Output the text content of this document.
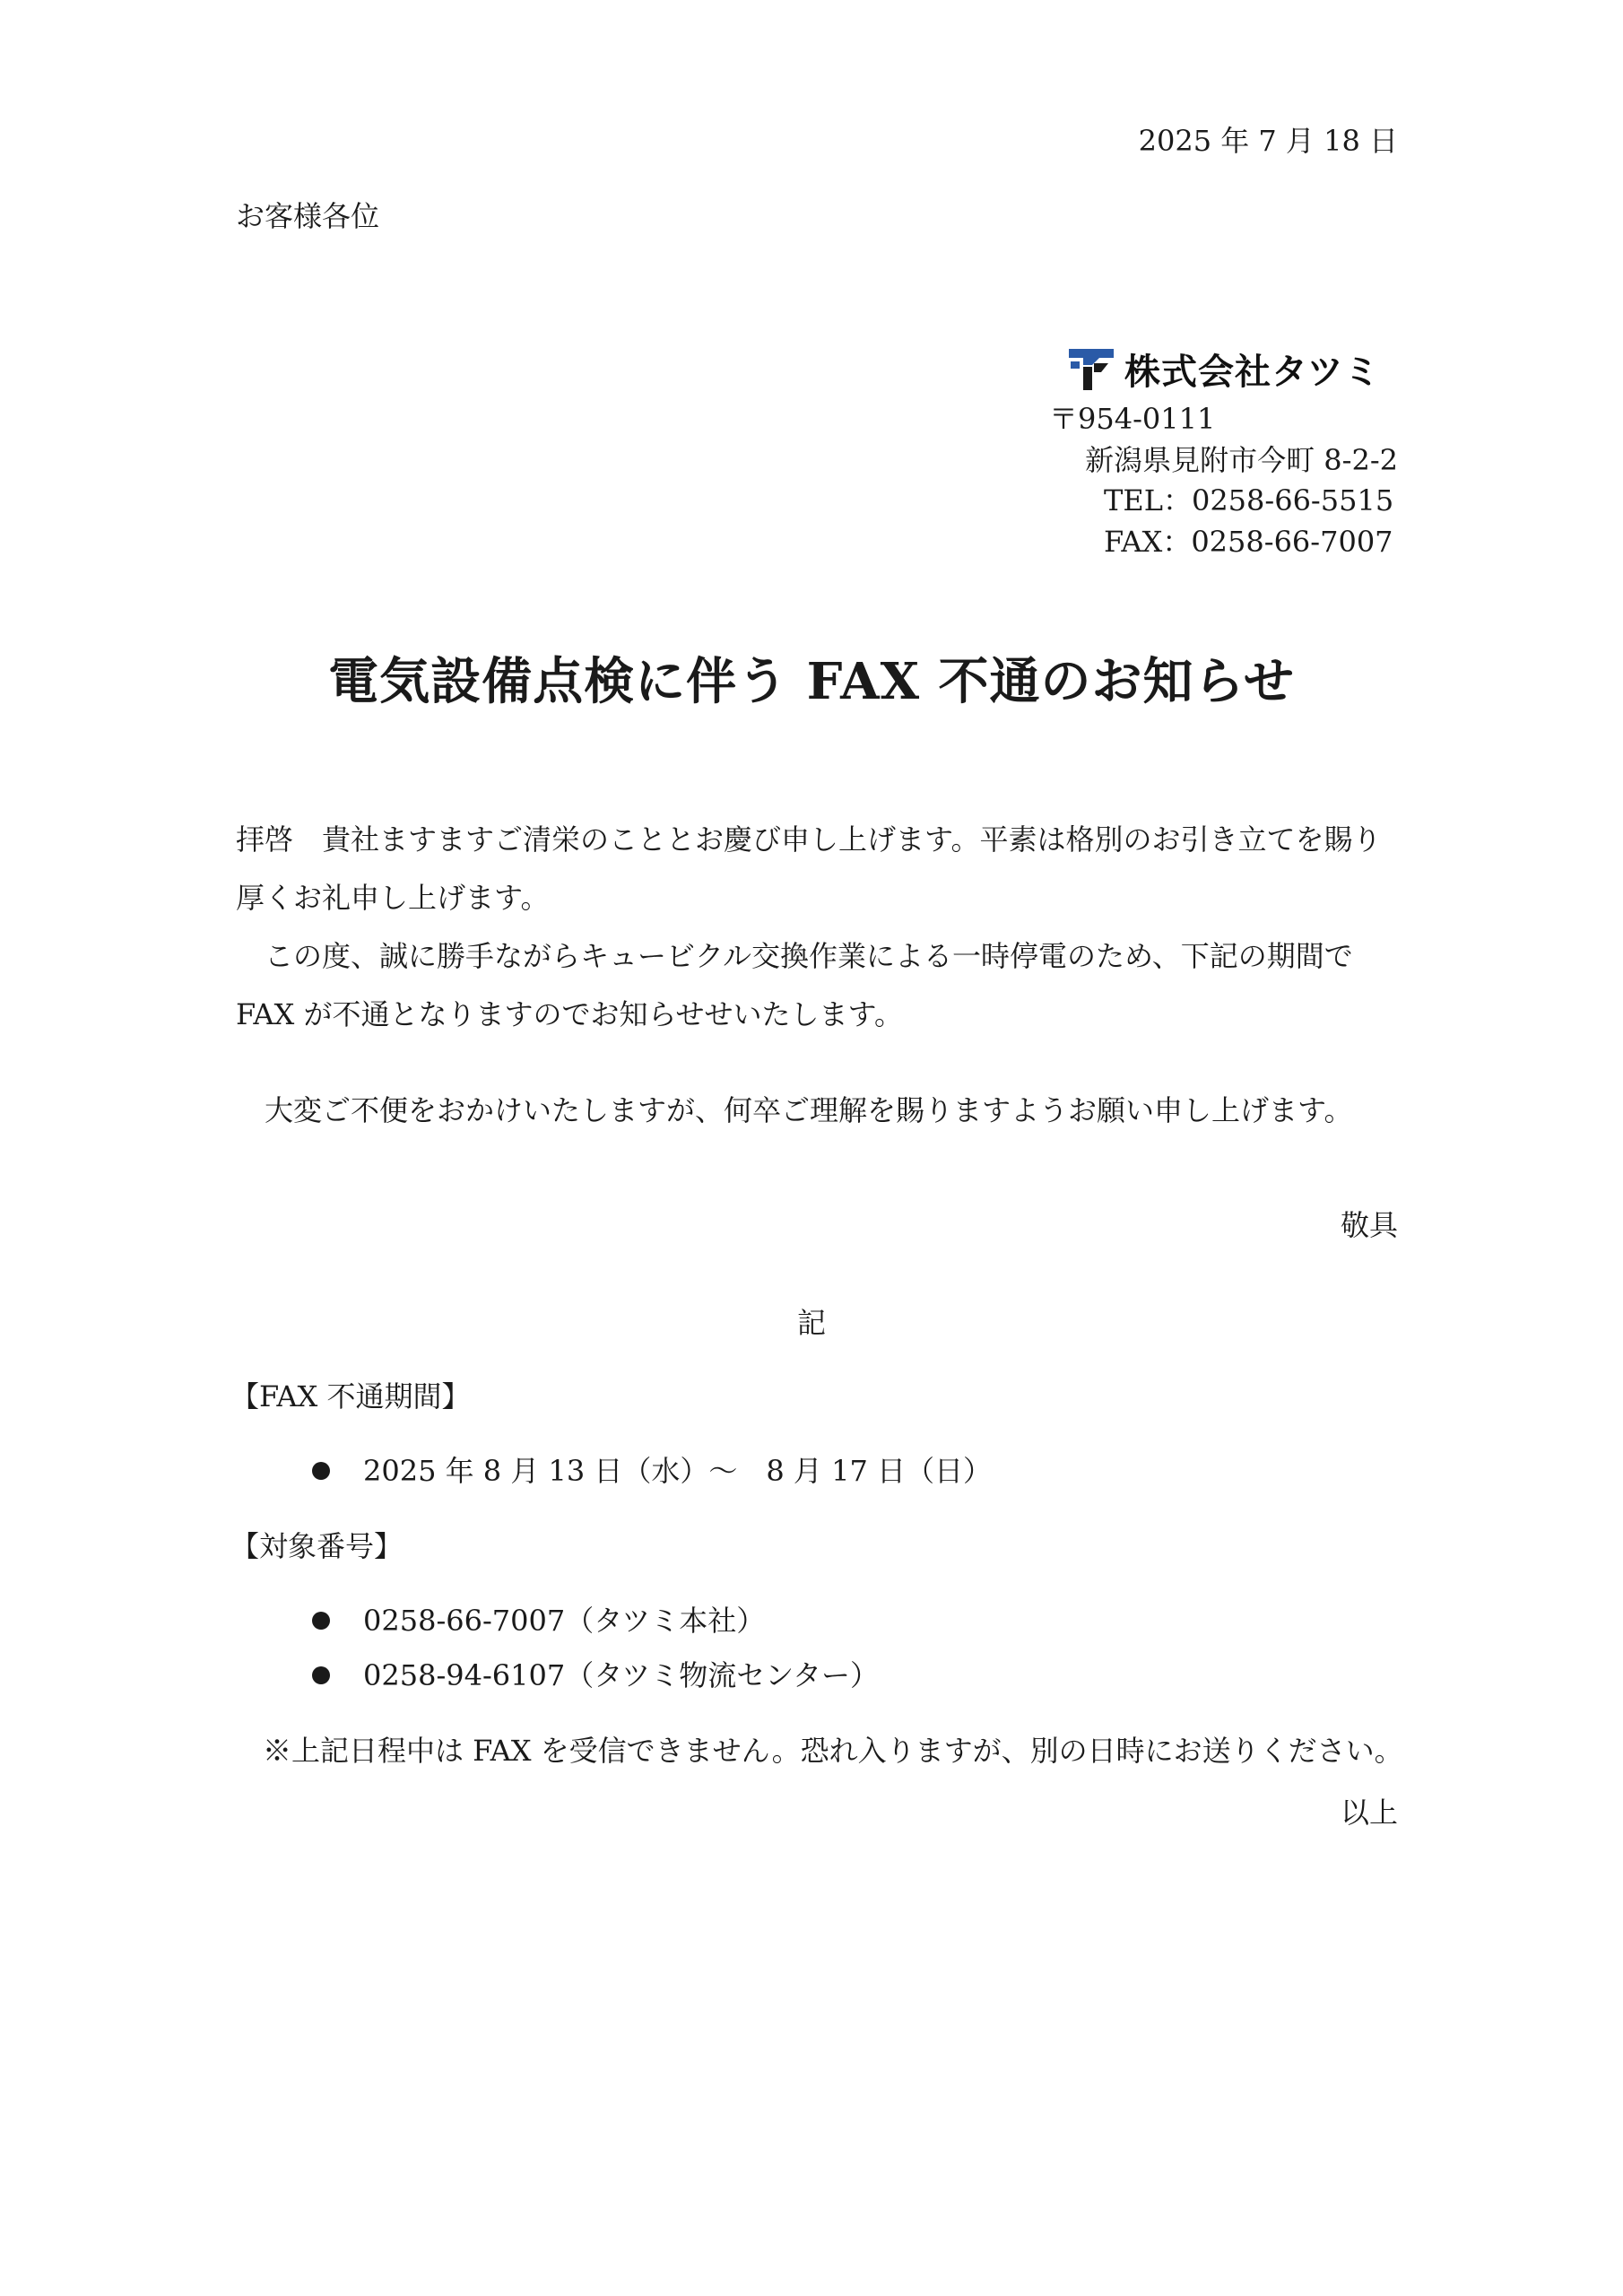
2025 年 7 月 18 日
お客様各位
株式会社タツミ
〒954-0111
新潟県見附市今町 8-2-2
TEL：0258-66-5515
FAX：0258-66-7007
電気設備点検に伴う FAX 不通のお知らせ
拝啓　貴社ますますご清栄のこととお慶び申し上げます。平素は格別のお引き立てを賜り厚くお礼申し上げます。
　この度、誠に勝手ながらキュービクル交換作業による一時停電のため、下記の期間で FAX が不通となりますのでお知らせせいたします。
　大変ご不便をおかけいたしますが、何卒ご理解を賜りますようお願い申し上げます。
敬具
記
【FAX 不通期間】
2025 年 8 月 13 日（水）～　8 月 17 日（日）
【対象番号】
0258-66-7007（タツミ本社）
0258-94-6107（タツミ物流センター）
※上記日程中は FAX を受信できません。恐れ入りますが、別の日時にお送りください。
以上
